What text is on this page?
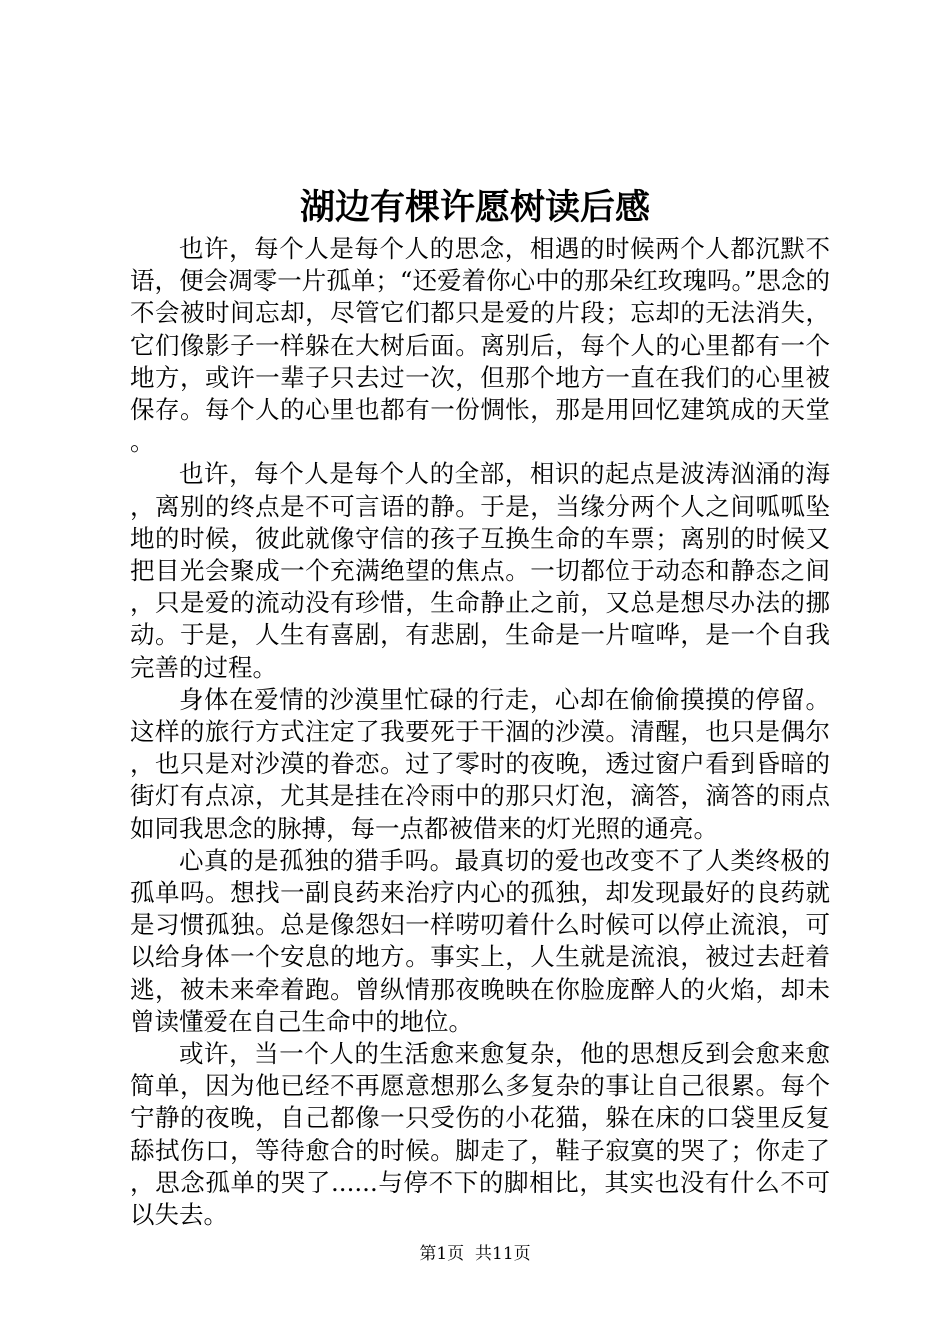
湖边有棵许愿树读后感

也许，每个人是每个人的思念，相遇的时候两个人都沉默不语，便会凋零一片孤单；“还爱着你心中的那朵红玫瑰吗。”思念的不会被时间忘却，尽管它们都只是爱的片段；忘却的无法消失，它们像影子一样躲在大树后面。离别后，每个人的心里都有一个地方，或许一辈子只去过一次，但那个地方一直在我们的心里被保存。每个人的心里也都有一份惆怅，那是用回忆建筑成的天堂。

也许，每个人是每个人的全部，相识的起点是波涛汹涌的海，离别的终点是不可言语的静。于是，当缘分两个人之间呱呱坠地的时候，彼此就像守信的孩子互换生命的车票；离别的时候又把目光会聚成一个充满绝望的焦点。一切都位于动态和静态之间，只是爱的流动没有珍惜，生命静止之前，又总是想尽办法的挪动。于是，人生有喜剧，有悲剧，生命是一片喧哗，是一个自我完善的过程。

身体在爱情的沙漠里忙碌的行走，心却在偷偷摸摸的停留。这样的旅行方式注定了我要死于干涸的沙漠。清醒，也只是偶尔，也只是对沙漠的眷恋。过了零时的夜晚，透过窗户看到昏暗的街灯有点凉，尤其是挂在冷雨中的那只灯泡，滴答，滴答的雨点如同我思念的脉搏，每一点都被借来的灯光照的通亮。

心真的是孤独的猎手吗。最真切的爱也改变不了人类终极的孤单吗。想找一副良药来治疗内心的孤独，却发现最好的良药就是习惯孤独。总是像怨妇一样唠叨着什么时候可以停止流浪，可以给身体一个安息的地方。事实上，人生就是流浪，被过去赶着逃，被未来牵着跑。曾纵情那夜晚映在你脸庞醉人的火焰，却未曾读懂爱在自己生命中的地位。

或许，当一个人的生活愈来愈复杂，他的思想反到会愈来愈简单，因为他已经不再愿意想那么多复杂的事让自己很累。每个宁静的夜晚，自己都像一只受伤的小花猫，躲在床的口袋里反复舔拭伤口，等待愈合的时候。脚走了，鞋子寂寞的哭了；你走了，思念孤单的哭了......与停不下的脚相比，其实也没有什么不可以失去。

第1页 共11页
